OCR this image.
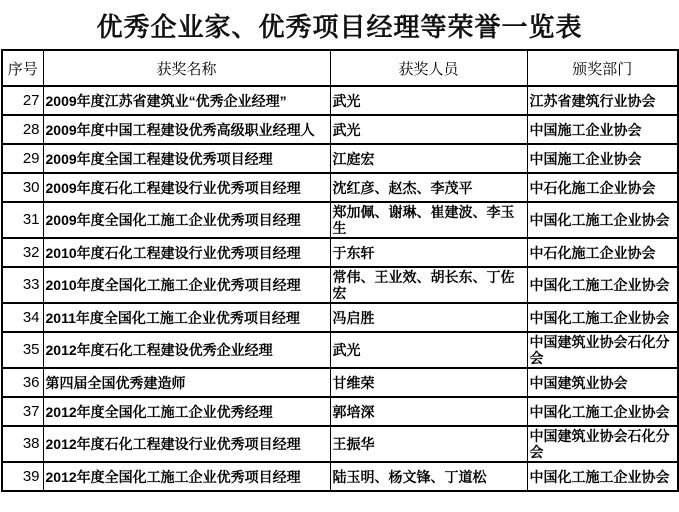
优秀企业家、优秀项目经理等荣誉一览表
序号	获奖名称	获奖人员	颁奖部门
27	2009年度江苏省建筑业“优秀企业经理”	武光	江苏省建筑行业协会
28	2009年度中国工程建设优秀高级职业经理人	武光	中国施工企业协会
29	2009年度全国工程建设优秀项目经理	江庭宏	中国施工企业协会
30	2009年度石化工程建设行业优秀项目经理	沈红彦、赵杰、李茂平	中石化施工企业协会
31	2009年度全国化工施工企业优秀项目经理	郑加佩、谢琳、崔建波、李玉生	中国化工施工企业协会
32	2010年度石化工程建设行业优秀项目经理	于东轩	中石化施工企业协会
33	2010年度全国化工施工企业优秀项目经理	常伟、王业效、胡长东、丁佐宏	中国化工施工企业协会
34	2011年度全国化工施工企业优秀项目经理	冯启胜	中国化工施工企业协会
35	2012年度石化工程建设优秀企业经理	武光	中国建筑业协会石化分会
36	第四届全国优秀建造师	甘维荣	中国建筑业协会
37	2012年度全国化工施工企业优秀经理	郭培深	中国化工施工企业协会
38	2012年度石化工程建设行业优秀项目经理	王振华	中国建筑业协会石化分会
39	2012年度全国化工施工企业优秀项目经理	陆玉明、杨文锋、丁道松	中国化工施工企业协会
